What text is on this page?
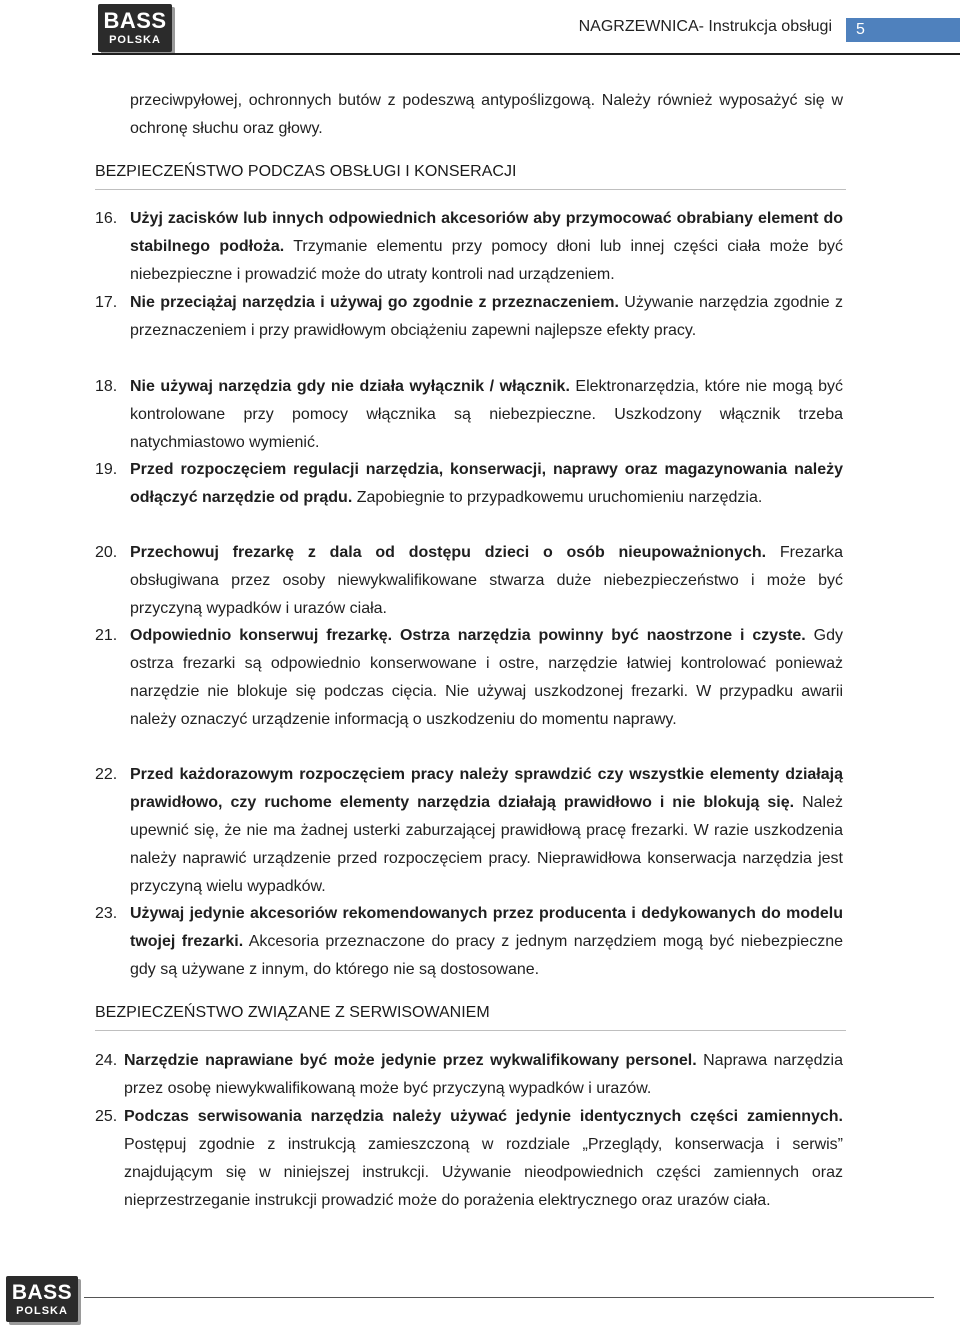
BASS
POLSKA
NAGRZEWNICA- Instrukcja obsługi	5
przeciwpyłowej, ochronnych butów z podeszwą antypoślizgową. Należy również wyposażyć się w ochronę słuchu oraz głowy.
BEZPIECZEŃSTWO PODCZAS OBSŁUGI I KONSERACJI
16. Użyj zacisków lub innych odpowiednich akcesoriów aby przymocować obrabiany element do stabilnego podłoża. Trzymanie elementu przy pomocy dłoni lub innej części ciała może być niebezpieczne i prowadzić może do utraty kontroli nad urządzeniem.
17. Nie przeciążaj narzędzia i używaj go zgodnie z przeznaczeniem. Używanie narzędzia zgodnie z przeznaczeniem i przy prawidłowym obciążeniu zapewni najlepsze efekty pracy.
18. Nie używaj narzędzia gdy nie działa wyłącznik / włącznik. Elektronarzędzia, które nie mogą być kontrolowane przy pomocy włącznika są niebezpieczne. Uszkodzony włącznik trzeba natychmiastowo wymienić.
19. Przed rozpoczęciem regulacji narzędzia, konserwacji, naprawy oraz magazynowania należy odłączyć narzędzie od prądu. Zapobiegnie to przypadkowemu uruchomieniu narzędzia.
20. Przechowuj frezarkę z dala od dostępu dzieci o osób nieupoważnionych. Frezarka obsługiwana przez osoby niewykwalifikowane stwarza duże niebezpieczeństwo i może być przyczyną wypadków i urazów ciała.
21. Odpowiednio konserwuj frezarkę. Ostrza narzędzia powinny być naostrzone i czyste. Gdy ostrza frezarki są odpowiednio konserwowane i ostre, narzędzie łatwiej kontrolować ponieważ narzędzie nie blokuje się podczas cięcia. Nie używaj uszkodzonej frezarki. W przypadku awarii należy oznaczyć urządzenie informacją o uszkodzeniu do momentu naprawy.
22. Przed każdorazowym rozpoczęciem pracy należy sprawdzić czy wszystkie elementy działają prawidłowo, czy ruchome elementy narzędzia działają prawidłowo i nie blokują się. Należ upewnić się, że nie ma żadnej usterki zaburzającej prawidłową pracę frezarki. W razie uszkodzenia należy naprawić urządzenie przed rozpoczęciem pracy. Nieprawidłowa konserwacja narzędzia jest przyczyną wielu wypadków.
23. Używaj jedynie akcesoriów rekomendowanych przez producenta i dedykowanych do modelu twojej frezarki. Akcesoria przeznaczone do pracy z jednym narzędziem mogą być niebezpieczne gdy są używane z innym, do którego nie są dostosowane.
BEZPIECZEŃSTWO ZWIĄZANE Z SERWISOWANIEM
24. Narzędzie naprawiane być może jedynie przez wykwalifikowany personel. Naprawa narzędzia przez osobę niewykwalifikowaną może być przyczyną wypadków i urazów.
25. Podczas serwisowania narzędzia należy używać jedynie identycznych części zamiennych. Postępuj zgodnie z instrukcją zamieszczoną w rozdziale „Przeglądy, konserwacja i serwis” znajdującym się w niniejszej instrukcji. Używanie nieodpowiednich części zamiennych oraz nieprzestrzeganie instrukcji prowadzić może do porażenia elektrycznego oraz urazów ciała.
BASS
POLSKA
